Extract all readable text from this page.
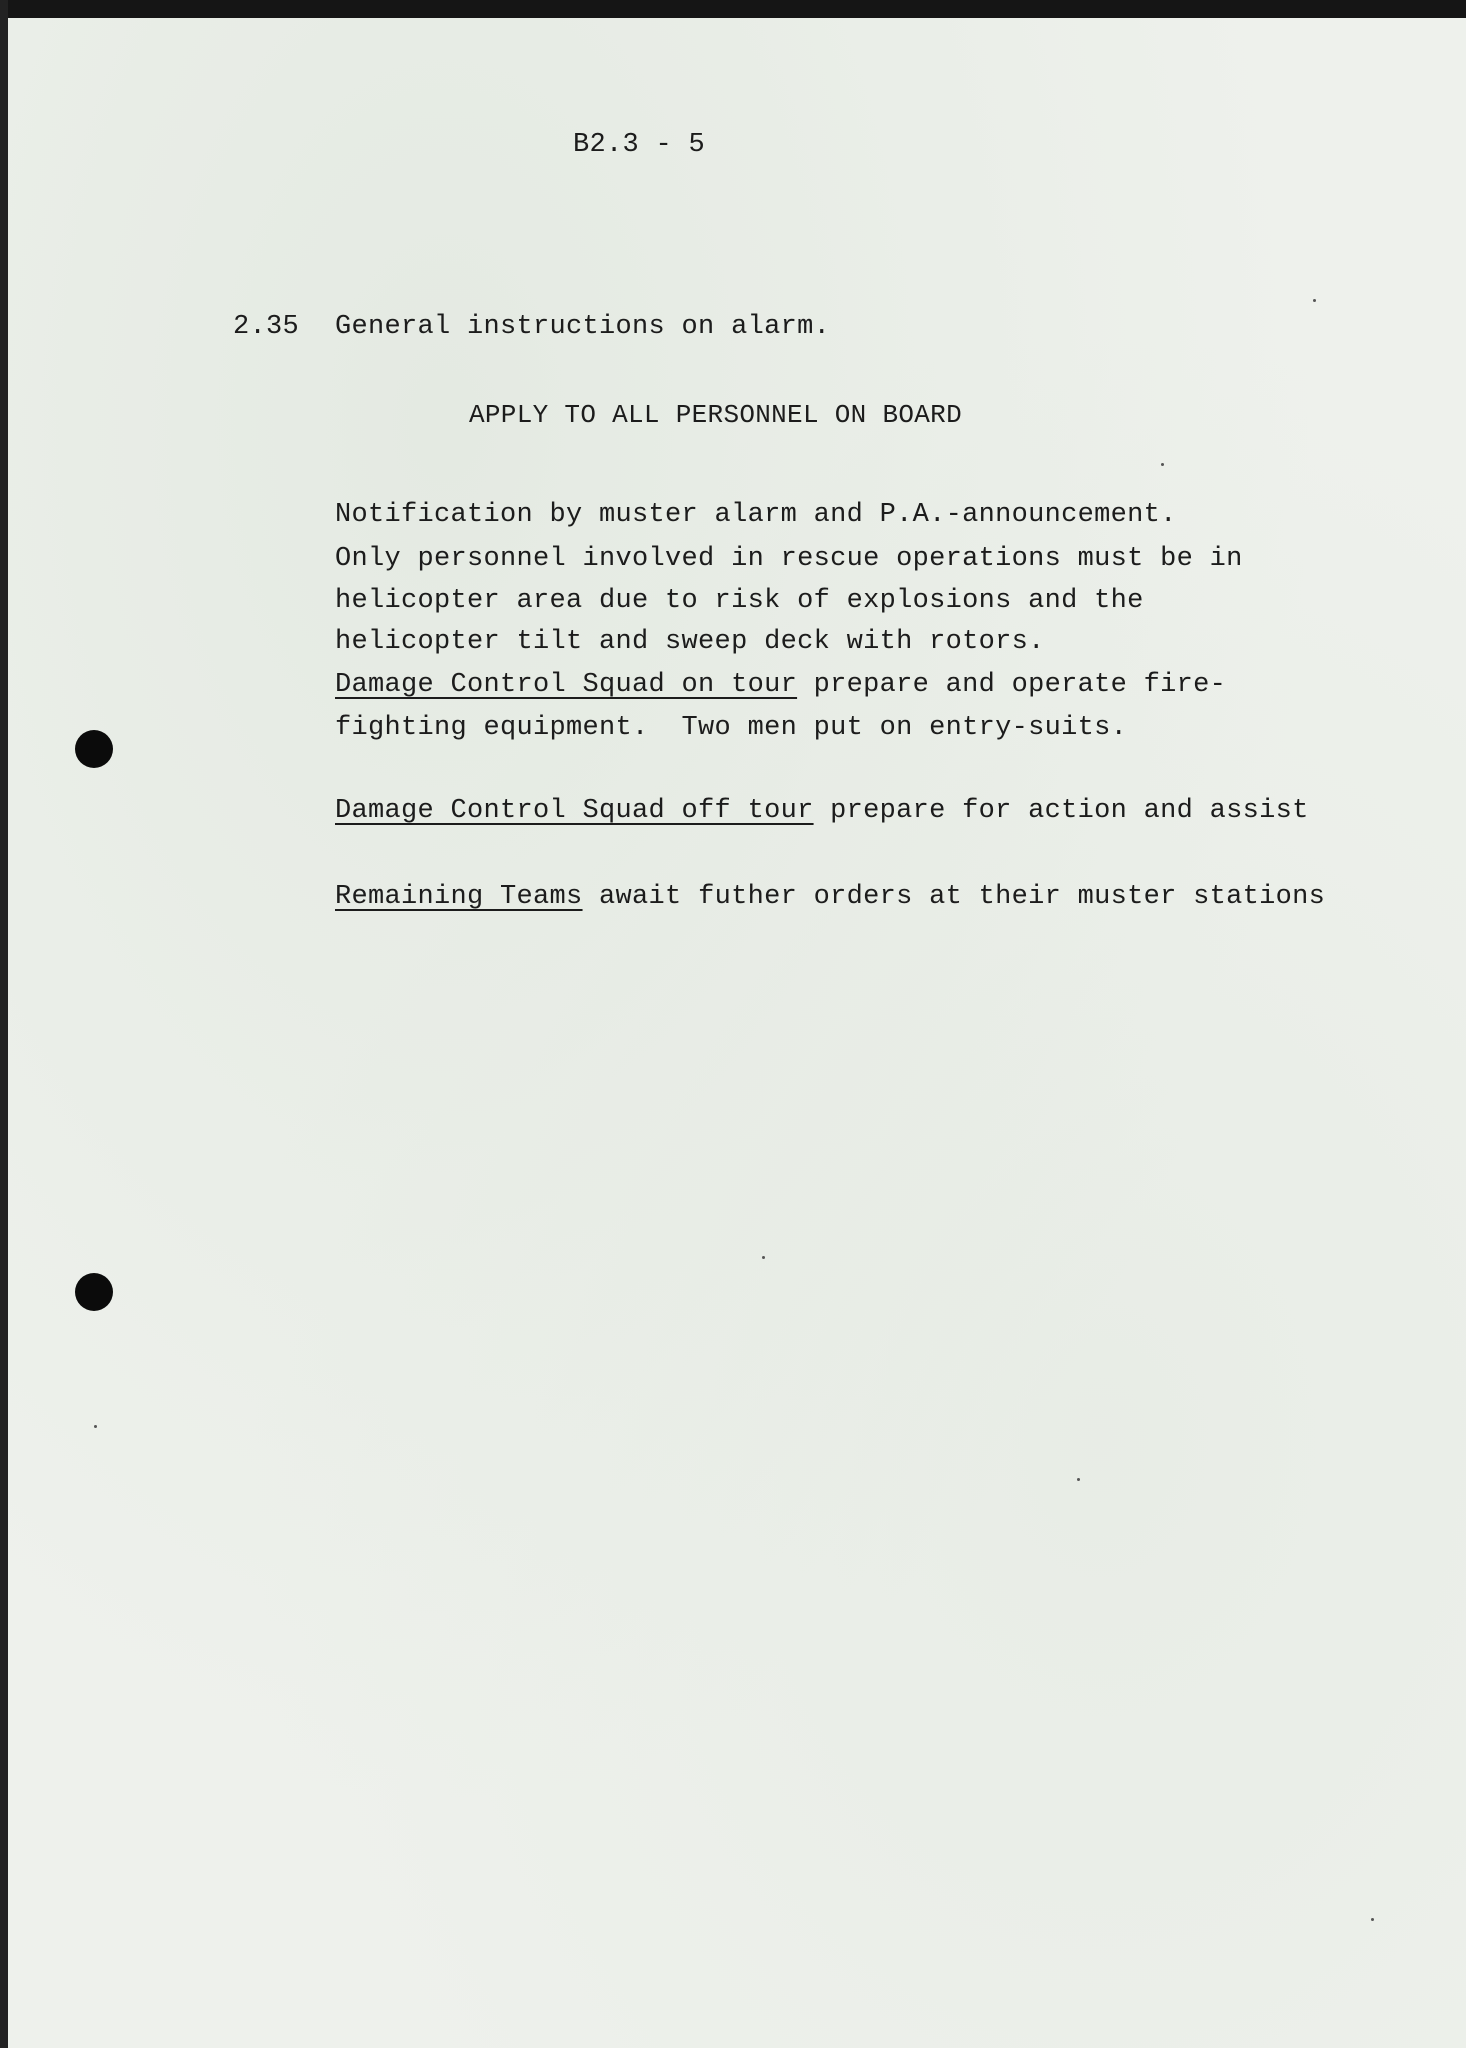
B2.3 - 5
2.35 General instructions on alarm.
APPLY TO ALL PERSONNEL ON BOARD
Notification by muster alarm and P.A.-announcement.
Only personnel involved in rescue operations must be in
helicopter area due to risk of explosions and the
helicopter tilt and sweep deck with rotors.
Damage Control Squad on tour prepare and operate fire-
fighting equipment.  Two men put on entry-suits.
Damage Control Squad off tour prepare for action and assist
Remaining Teams await futher orders at their muster stations
